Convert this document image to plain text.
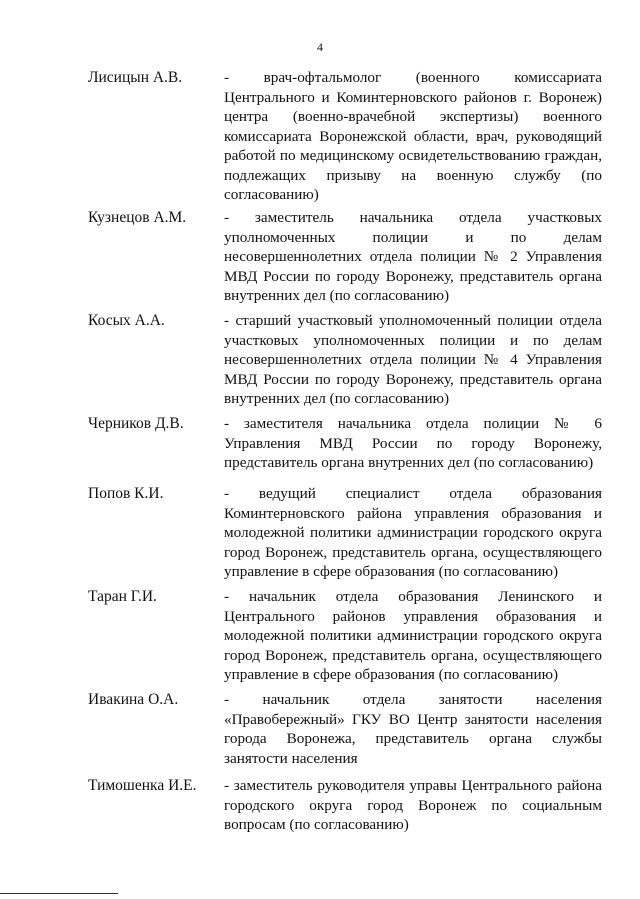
4
Лисицын А.В.	- врач-офтальмолог (военного комиссариата Центрального и Коминтерновского районов г. Воронеж) центра (военно-врачебной экспертизы) военного комиссариата Воронежской области, врач, руководящий работой по медицинскому освидетельствованию граждан, подлежащих призыву на военную службу (по согласованию)
Кузнецов А.М. - заместитель начальника отдела участковых уполномоченных полиции и по делам несовершеннолетних отдела полиции № 2 Управления МВД России по городу Воронежу, представитель органа внутренних дел (по согласованию)
Косых А.А.	- старший участковый уполномоченный полиции отдела участковых уполномоченных полиции и по делам несовершеннолетних отдела полиции № 4 Управления МВД России по городу Воронежу, представитель органа внутренних дел (по согласованию)
Черников Д.В.	- заместителя начальника отдела полиции № 6 Управления МВД России по городу Воронежу, представитель органа внутренних дел (по согласованию)
Попов К.И.	- ведущий специалист отдела образования Коминтерновского района управления образования и молодежной политики администрации городского округа город Воронеж, представитель органа, осуществляющего управление в сфере образования (по согласованию)
Таран Г.И.	- начальник отдела образования Ленинского и Центрального районов управления образования и молодежной политики администрации городского округа город Воронеж, представитель органа, осуществляющего управление в сфере образования (по согласованию)
Ивакина О.А.	- начальник отдела занятости населения «Правобережный» ГКУ ВО Центр занятости населения города Воронежа, представитель органа службы занятости населения
Тимошенка И.Е. - заместитель руководителя управы Центрального района городского округа город Воронеж по социальным вопросам (по согласованию)
